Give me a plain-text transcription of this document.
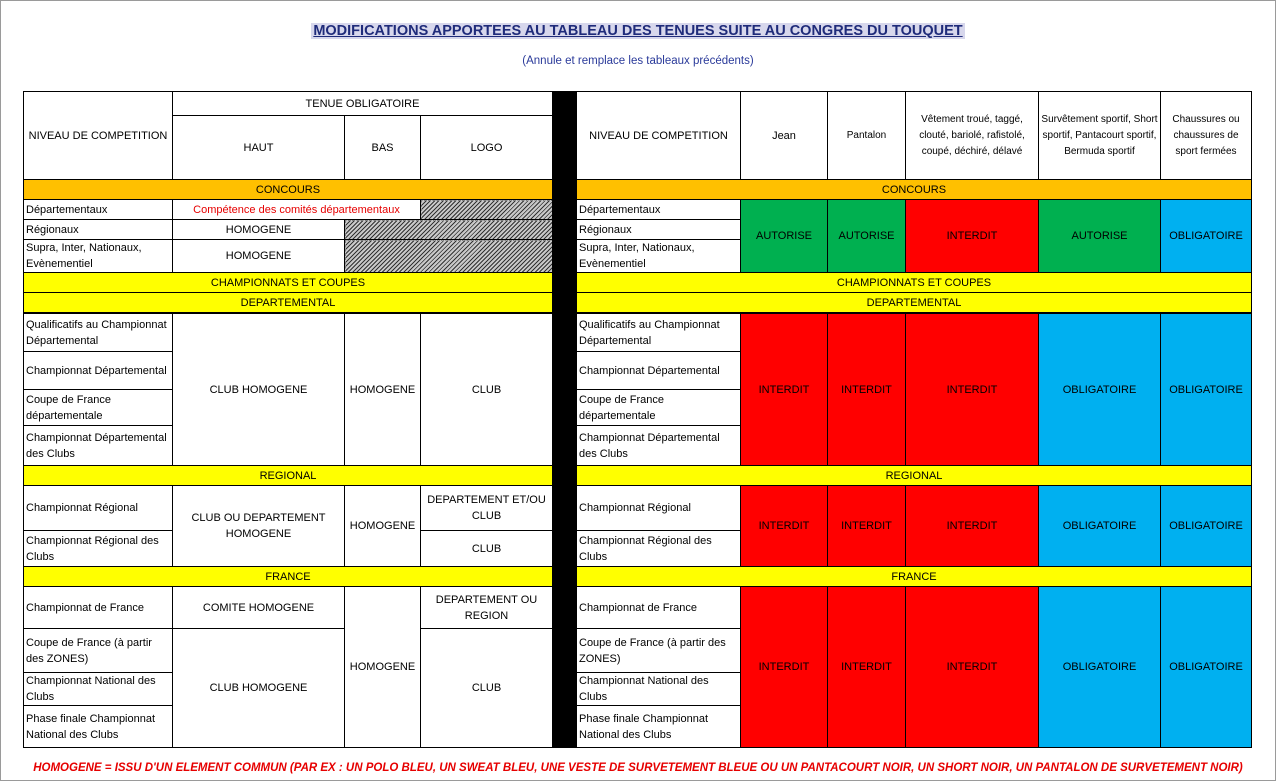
MODIFICATIONS APPORTEES AU TABLEAU DES TENUES SUITE AU CONGRES DU TOUQUET
(Annule et remplace les tableaux précédents)
NIVEAU DE COMPETITION	TENUE OBLIGATOIRE				NIVEAU DE COMPETITION	Jean	Pantalon	Vêtement troué, taggé, clouté, bariolé, rafistolé, coupé, déchiré, délavé	Survêtement sportif, Short sportif, Pantacourt sportif, Bermuda sportif	Chaussures ou chaussures de sport fermées
	HAUT	BAS	LOGO							
CONCOURS					CONCOURS					
Départementaux	Compétence des comités départementaux				Départementaux	AUTORISE	AUTORISE	INTERDIT	AUTORISE	OBLIGATOIRE
Régionaux	HOMOGENE				Régionaux					
Supra, Inter, Nationaux, Evènementiel	HOMOGENE				Supra, Inter, Nationaux, Evènementiel					
CHAMPIONNATS ET COUPES					CHAMPIONNATS ET COUPES					
DEPARTEMENTAL					DEPARTEMENTAL					
Qualificatifs au Championnat Départemental	CLUB HOMOGENE	HOMOGENE	CLUB		Qualificatifs au Championnat Départemental	INTERDIT	INTERDIT	INTERDIT	OBLIGATOIRE	OBLIGATOIRE
Championnat Départemental					Championnat Départemental					
Coupe de France départementale					Coupe de France départementale					
Championnat Départemental des Clubs					Championnat Départemental des Clubs					
REGIONAL					REGIONAL					
Championnat Régional	CLUB OU DEPARTEMENT HOMOGENE	HOMOGENE	DEPARTEMENT ET/OU CLUB		Championnat Régional	INTERDIT	INTERDIT	INTERDIT	OBLIGATOIRE	OBLIGATOIRE
Championnat Régional des Clubs			CLUB		Championnat Régional des Clubs					
FRANCE					FRANCE					
Championnat de France	COMITE HOMOGENE	HOMOGENE	DEPARTEMENT OU REGION		Championnat de France	INTERDIT	INTERDIT	INTERDIT	OBLIGATOIRE	OBLIGATOIRE
Coupe de France (à partir des ZONES)	CLUB HOMOGENE		CLUB		Coupe de France (à partir des ZONES)					
Championnat National des Clubs					Championnat National des Clubs					
Phase finale Championnat National des Clubs					Phase finale Championnat National des Clubs					
HOMOGENE = ISSU D'UN ELEMENT COMMUN (PAR EX : UN POLO BLEU, UN SWEAT BLEU, UNE VESTE DE SURVETEMENT BLEUE OU UN PANTACOURT NOIR, UN SHORT NOIR, UN PANTALON DE SURVETEMENT NOIR)
